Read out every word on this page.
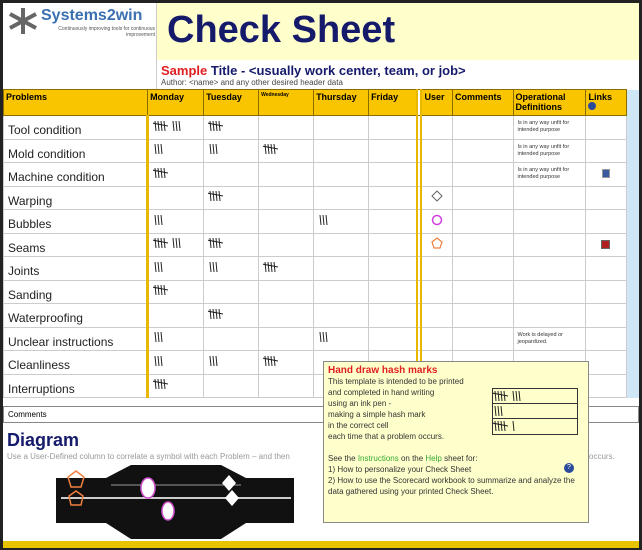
Systems2win
Continuously improving tools for continuous improvement Check Sheet
Sample Title - <usually work center, team, or job>
Author: <name> and any other desired header data
Problems	Monday	Tuesday	Wednesday	Thursday	Friday		User	Comments	Operational Definitions	Links

Tool condition									Is in any way unfit for intended purpose		
Mold condition									Is in any way unfit for intended purpose		
Machine condition									Is in any way unfit for intended purpose		
Warping											
Bubbles											
Seams											
Joints											
Sanding											
Waterproofing											
Unclear instructions									Work is delayed or jeopardized.		
Cleanliness											
Interruptions											
Comments
Diagram
Use a User-Defined column to correlate a symbol with each Problem – and then	occurs.
Hand draw hash marks
This template is intended to be printed
and completed in hand writing
using an ink pen -
making a simple hash mark
in the correct cell
each time that a problem occurs.
See the Instructions on the Help sheet for:
1) How to personalize your Check Sheet
2) How to use the Scorecard workbook to summarize and analyze the data gathered using your printed Check Sheet.
?
